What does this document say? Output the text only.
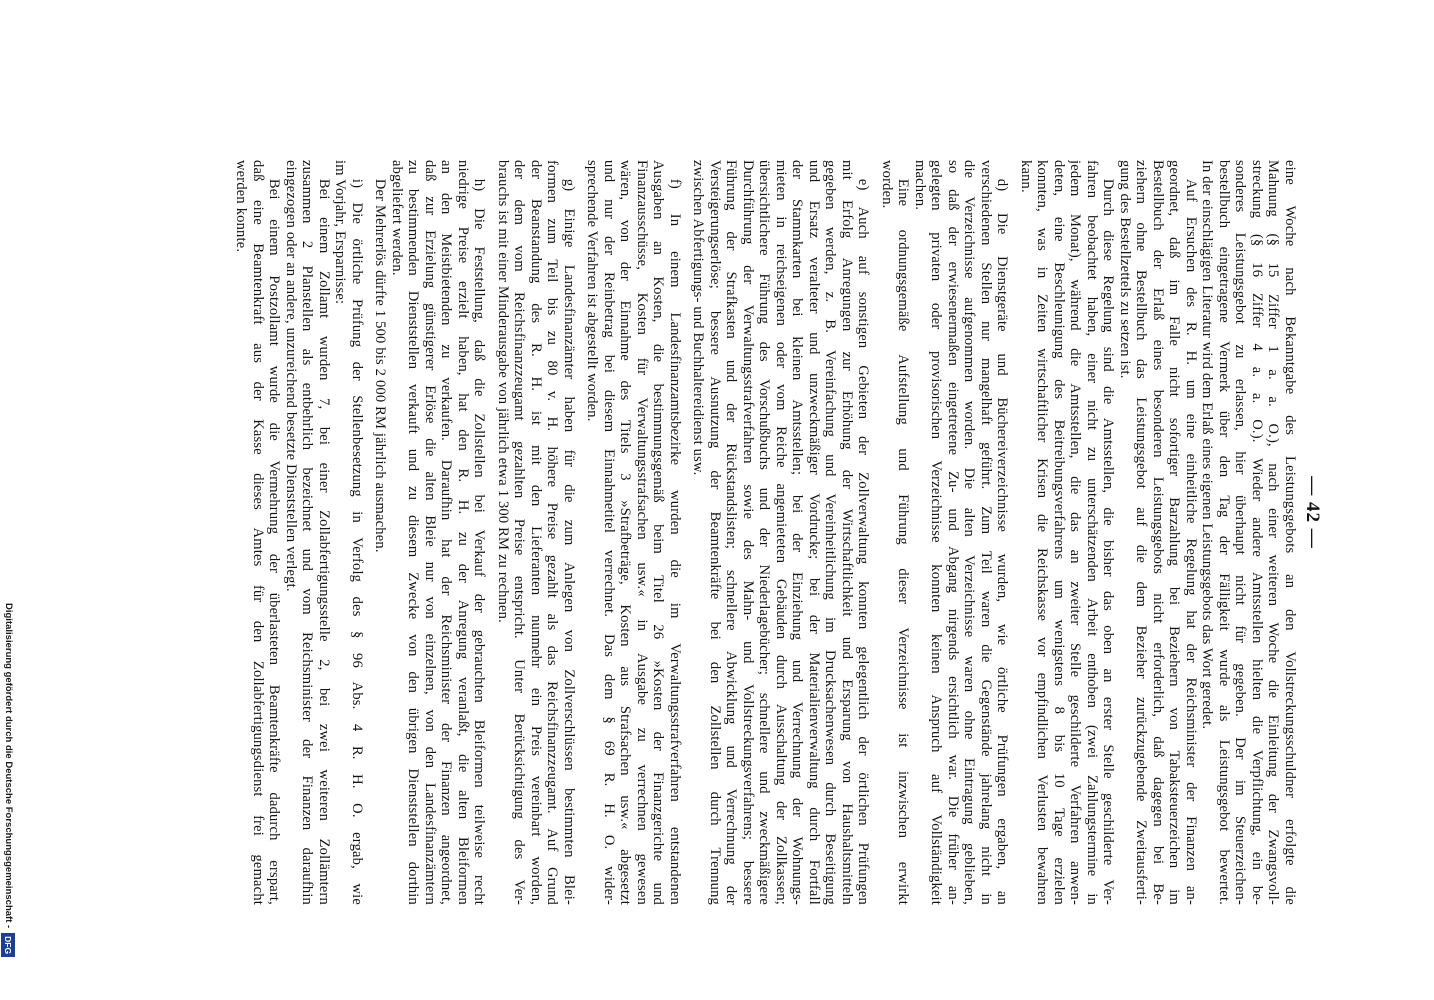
— 42 —
eine Woche nach Bekanntgabe des Leistungsgebots an den Vollstreckungsschuldner erfolgte die
Mahnung (§ 15 Ziffer 1 a. a. O.), nach einer weiteren Woche die Einleitung der Zwangsvoll-
streckung (§ 16 Ziffer 4 a. a. O.). Wieder andere Amtsstellen hielten die Verpflichtung, ein be-
sonderes Leistungsgebot zu erlassen, hier überhaupt nicht für gegeben. Der im Steuerzeichen-
bestellbuch eingetragene Vermerk über den Tag der Fälligkeit wurde als Leistungsgebot bewertet.
In der einschlägigen Literatur wird dem Erlaß eines eigenen Leistungsgebots das Wort geredet.
Auf Ersuchen des R. H. um eine einheitliche Regelung hat der Reichsminister der Finanzen an-
geordnet, daß im Falle nicht sofortiger Barzahlung bei Beziehern von Tabaksteuerzeichen im
Bestellbuch der Erlaß eines besonderen Leistungsgebots nicht erforderlich, daß dagegen bei Be-
ziehern ohne Bestellbuch das Leistungsgebot auf die dem Bezieher zurückzugebende Zweitausferti-
gung des Bestellzettels zu setzen ist.
Durch diese Regelung sind die Amtsstellen, die bisher das oben an erster Stelle geschilderte Ver-
fahren beobachtet haben, einer nicht zu unterschätzenden Arbeit enthoben (zwei Zahlungstermine in
jedem Monat), während die Amtsstellen, die das an zweiter Stelle geschilderte Verfahren anwen-
deten, eine Beschleunigung des Beitreibungsverfahrens um wenigstens 8 bis 10 Tage erzielen
konnten, was in Zeiten wirtschaftlicher Krisen die Reichskasse vor empfindlichen Verlusten bewahren
kann.
d) Die Dienstgeräte und Büchereiverzeichnisse wurden, wie örtliche Prüfungen ergaben, an
verschiedenen Stellen nur mangelhaft geführt. Zum Teil waren die Gegenstände jahrelang nicht in
die Verzeichnisse aufgenommen worden. Die alten Verzeichnisse waren ohne Eintragung geblieben,
so daß der erwiesenermaßen eingetretene Zu- und Abgang nirgends ersichtlich war. Die früher an-
gelegten privaten oder provisorischen Verzeichnisse konnten keinen Anspruch auf Vollständigkeit
machen.
Eine ordnungsgemäße Aufstellung und Führung dieser Verzeichnisse ist inzwischen erwirkt
worden.
e) Auch auf sonstigen Gebieten der Zollverwaltung konnten gelegentlich der örtlichen Prüfungen
mit Erfolg Anregungen zur Erhöhung der Wirtschaftlichkeit und Ersparung von Haushaltsmitteln
gegeben werden, z. B. Vereinfachung und Vereinheitlichung im Drucksachenwesen durch Beseitigung
und Ersatz veralteter und unzweckmäßiger Vordrucke; bei der Materialienverwaltung durch Fortfall
der Stammkarten bei kleinen Amtsstellen; bei der Einziehung und Verrechnung der Wohnungs-
mieten in reichseigenen oder vom Reiche angemieteten Gebäuden durch Ausschaltung der Zollkassen;
übersichtlichere Führung des Vorschußbuchs und der Niederlagebücher; schnellere und zweckmäßigere
Durchführung der Verwaltungsstrafverfahren sowie des Mahn- und Vollstreckungsverfahrens; bessere
Führung der Strafkasten und der Rückstandslisten; schnellere Abwicklung und Verrechnung der
Versteigerungserlöse; bessere Ausnutzung der Beamtenkräfte bei den Zollstellen durch Trennung
zwischen Abfertigungs- und Buchhaltereidienst usw.
f) In einem Landesfinanzamtsbezirke wurden die im Verwaltungsstrafverfahren entstandenen
Ausgaben an Kosten, die bestimmungsgemäß beim Titel 26 »Kosten der Finanzgerichte und
Finanzausschüsse, Kosten für Verwaltungsstrafsachen usw.« in Ausgabe zu verrechnen gewesen
wären, von der Einnahme des Titels 3 »Strafbeträge, Kosten aus Strafsachen usw.« abgesetzt
und nur der Reinbetrag bei diesem Einnahmetitel verrechnet. Das dem § 69 R. H. O. wider-
sprechende Verfahren ist abgestellt worden.
g) Einige Landesfinanzämter haben für die zum Anlegen von Zollverschlüssen bestimmten Blei-
formen zum Teil bis zu 80 v. H. höhere Preise gezahlt als das Reichsfinanzzeugamt. Auf Grund
der Beanstandung des R. H. ist mit den Lieferanten nunmehr ein Preis vereinbart worden,
der dem vom Reichsfinanzzeugamt gezahlten Preise entspricht. Unter Berücksichtigung des Ver-
brauchs ist mit einer Minderausgabe von jährlich etwa 1 300 RM zu rechnen.
h) Die Feststellung, daß die Zollstellen bei Verkauf der gebrauchten Bleiformen teilweise recht
niedrige Preise erzielt haben, hat den R. H. zu der Anregung veranlaßt, die alten Bleiformen
an den Meistbietenden zu verkaufen. Daraufhin hat der Reichsminister der Finanzen angeordnet,
daß zur Erzielung günstigerer Erlöse die alten Bleie nur von einzelnen, von den Landesfinanzämtern
zu bestimmenden Dienststellen verkauft und zu diesem Zwecke von den übrigen Dienststellen dorthin
abgeliefert werden.
Der Mehrerlös dürfte 1 500 bis 2 000 RM jährlich ausmachen.
i) Die örtliche Prüfung der Stellenbesetzung in Verfolg des § 96 Abs. 4 R. H. O. ergab, wie
im Vorjahr, Ersparnisse:
Bei einem Zollamt wurden 7, bei einer Zollabfertigungsstelle 2, bei zwei weiteren Zollämtern
zusammen 2 Planstellen als entbehrlich bezeichnet und vom Reichsminister der Finanzen daraufhin
eingezogen oder an andere, unzureichend besetzte Dienststellen verlegt.
Bei einem Postzollamt wurde die Vermehrung der überlasteten Beamtenkräfte dadurch erspart,
daß eine Beamtenkraft aus der Kasse dieses Amtes für den Zollabfertigungsdienst frei gemacht
werden konnte.
Digitalisierung gefördert durch die Deutsche Forschungsgemeinschaft -
DFG
